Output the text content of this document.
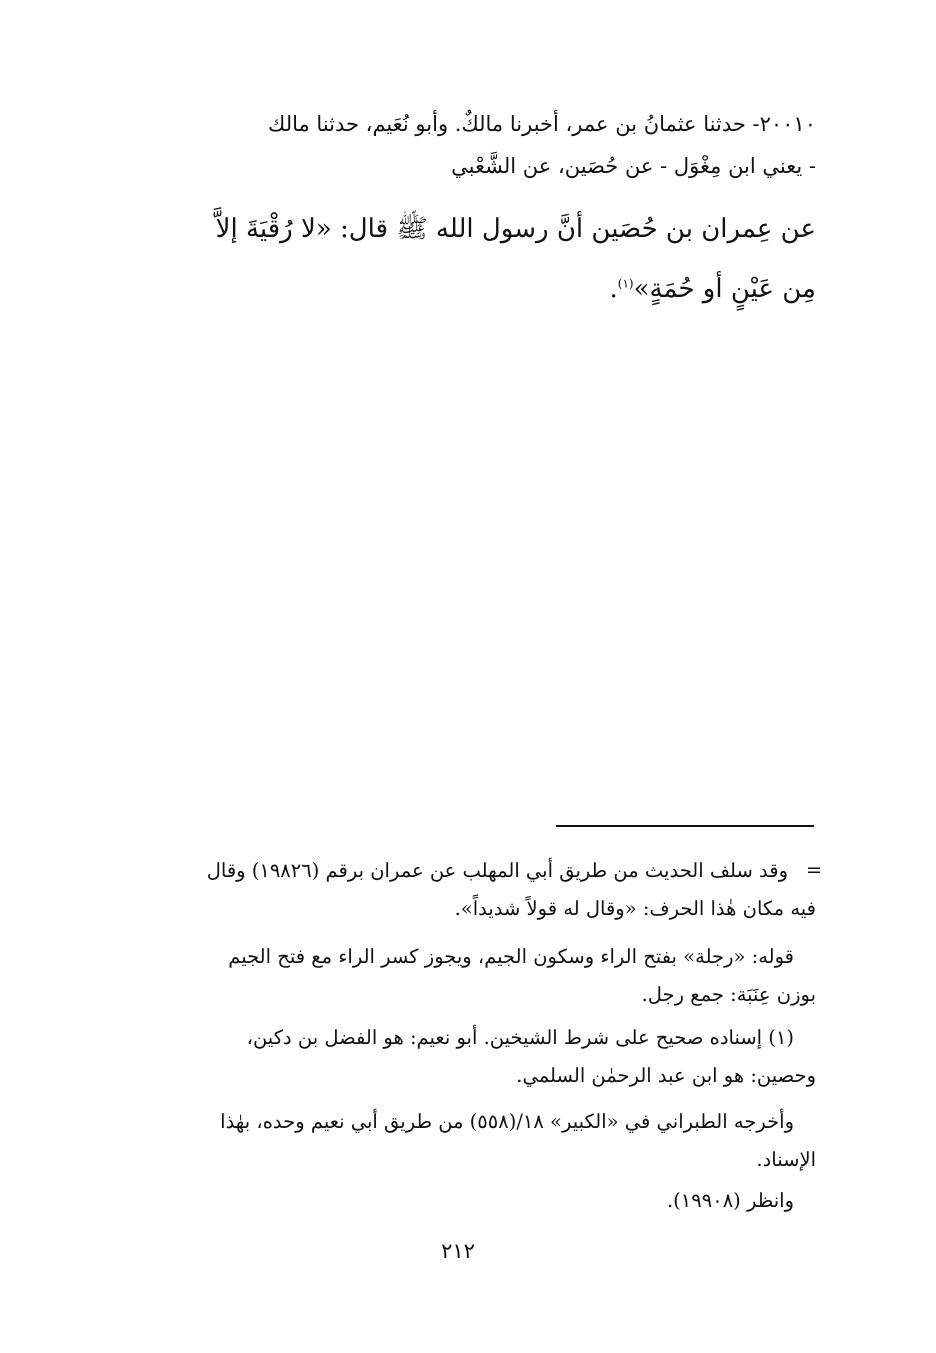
٢٠٠١٠- حدثنا عثمانُ بن عمر، أخبرنا مالكٌ. وأبو نُعَيم، حدثنا مالك
- يعني ابن مِغْوَل - عن حُصَين، عن الشَّعْبي

عن عِمران بن حُصَين أنَّ رسول الله ﷺ قال: «لا رُقْيَةَ إلاَّ
مِن عَيْنٍ أو حُمَةٍ»$^{(١)}$.

=

وقد سلف الحديث من طريق أبي المهلب عن عمران برقم (١٩٨٢٦) وقال
فيه مكان هٰذا الحرف: «وقال له قولاً شديداً».

قوله: «رجلة» بفتح الراء وسكون الجيم، ويجوز كسر الراء مع فتح الجيم
بوزن عِنَبَة: جمع رجل.

(١) إسناده صحيح على شرط الشيخين. أبو نعيم: هو الفضل بن دكين،
وحصين: هو ابن عبد الرحمٰن السلمي.

وأخرجه الطبراني في «الكبير» ١٨/(٥٥٨) من طريق أبي نعيم وحده، بهٰذا
الإسناد.

وانظر (١٩٩٠٨).

٢١٢
